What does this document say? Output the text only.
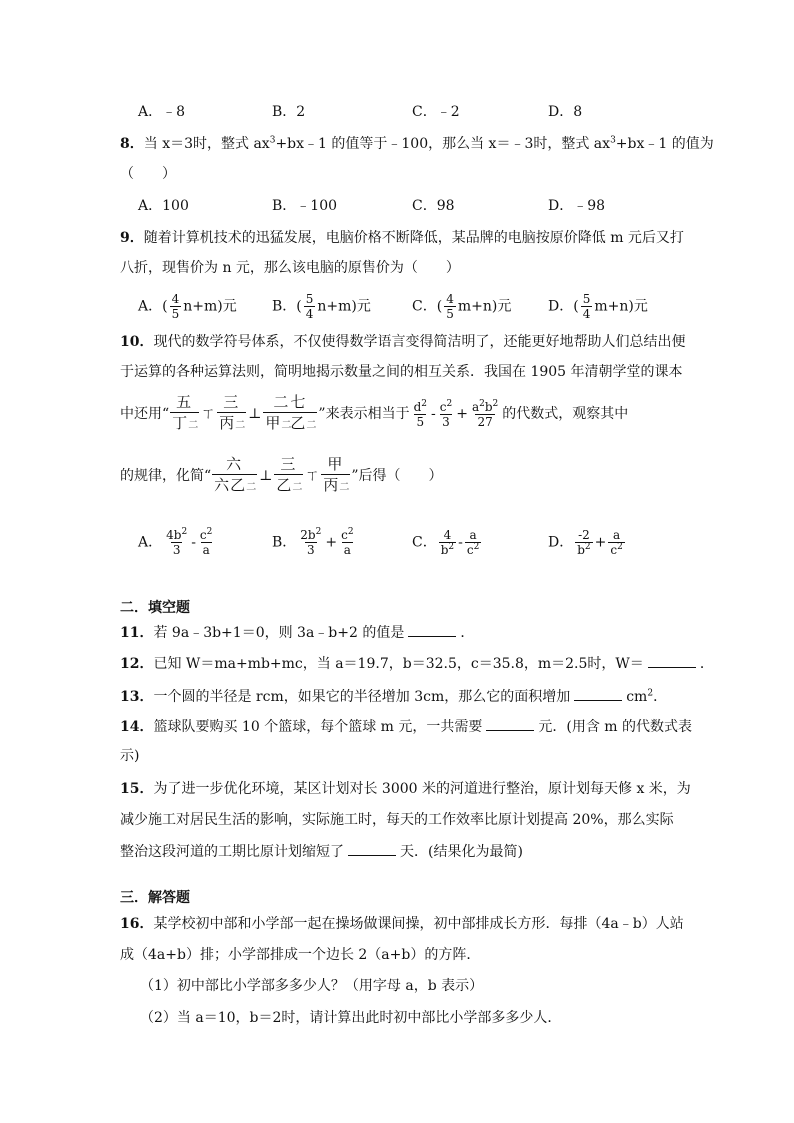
A．﹣8	B．2	C．﹣2	D．8
8．当 x＝3时，整式 $ax^3+bx﹣1$ 的值等于﹣100，那么当 x＝﹣3时，整式 $ax^3+bx﹣1$ 的值为
（　　）
A．100	B．﹣100	C．98	D．﹣98
9．随着计算机技术的迅猛发展，电脑价格不断降低，某品牌的电脑按原价降低 m 元后又打
八折，现售价为 n 元，那么该电脑的原售价为（　　）
A．( $\frac{4}{5} n+m$)元	B．( $\frac{5}{4} n+m$)元	C．( $\frac{4}{5} m+n$)元	D．( $\frac{5}{4} m+n$)元
10．现代的数学符号体系，不仅使得数学语言变得简洁明了，还能更好地帮助人们总结出便
于运算的各种运算法则，简明地揭示数量之间的相互关系．我国在 1905 年清朝学堂的课本
中还用“
五
丁二
ㄒ
三
丙二
⊥
二七
甲二乙二
”来表示相当于 $\frac{d^2}{5} - \frac{c^2}{3} + \frac{a^2b^2}{27}$ 的代数式，观察其中
的规律，化简“
六
六乙二
⊥
三
乙二
ㄒ
甲
丙二
”后得（　　）
A． $\frac{4b^2}{3} - \frac{c^2}{a}$	B． $\frac{2b^2}{3} + \frac{c^2}{a}$	C． $\frac{4}{b^2} - \frac{a}{c^2}$	D． $\frac{-2}{b^2} + \frac{a}{c^2}$
二．填空题
11．若 9a﹣3b+1＝0，则 3a﹣b+2 的值是	．
12．已知 W＝ma+mb+mc，当 a＝19.7，b＝32.5，c＝35.8，m＝2.5时，W＝	．
13．一个圆的半径是 rcm，如果它的半径增加 3cm，那么它的面积增加	$cm^2$．
14．篮球队要购买 10 个篮球，每个篮球 m 元，一共需要	元．(用含 m 的代数式表
示)
15．为了进一步优化环境，某区计划对长 3000 米的河道进行整治，原计划每天修 x 米，为
减少施工对居民生活的影响，实际施工时，每天的工作效率比原计划提高 20%，那么实际
整治这段河道的工期比原计划缩短了	天．(结果化为最简)
三．解答题
16．某学校初中部和小学部一起在操场做课间操，初中部排成长方形．每排（4a﹣b）人站
成（4a+b）排；小学部排成一个边长 2（a+b）的方阵．
（1）初中部比小学部多多少人？（用字母 a，b 表示）
（2）当 a＝10，b＝2时，请计算出此时初中部比小学部多多少人．
